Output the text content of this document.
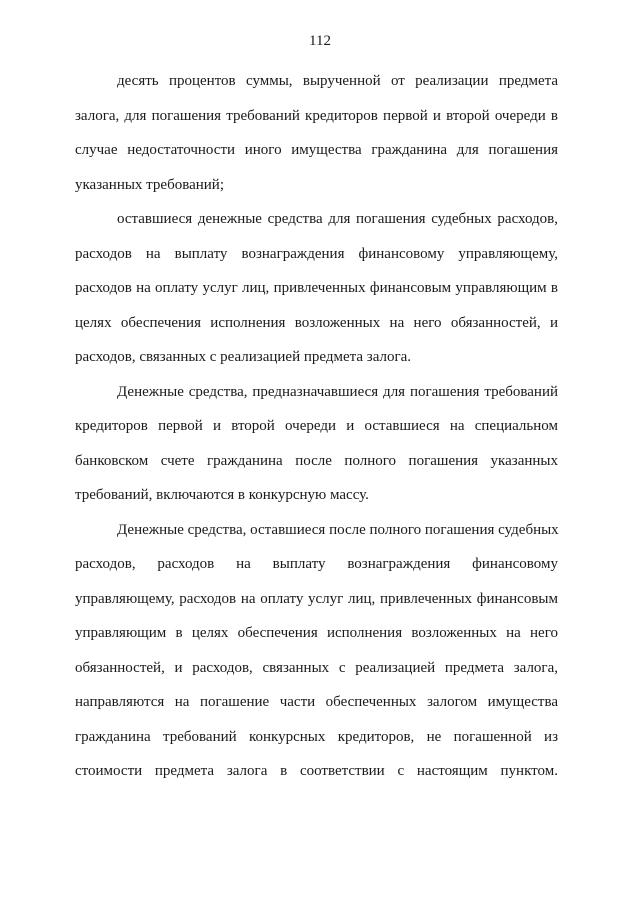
112
десять процентов суммы, вырученной от реализации предмета
залога, для погашения требований кредиторов первой и второй очереди в
случае недостаточности иного имущества гражданина для погашения
указанных требований;
оставшиеся денежные средства для погашения судебных расходов,
расходов на выплату вознаграждения финансовому управляющему,
расходов на оплату услуг лиц, привлеченных финансовым управляющим в
целях обеспечения исполнения возложенных на него обязанностей, и
расходов, связанных с реализацией предмета залога.
Денежные средства, предназначавшиеся для погашения требований
кредиторов первой и второй очереди и оставшиеся на специальном
банковском счете гражданина после полного погашения указанных
требований, включаются в конкурсную массу.
Денежные средства, оставшиеся после полного погашения судебных
расходов, расходов на выплату вознаграждения финансовому
управляющему, расходов на оплату услуг лиц, привлеченных финансовым
управляющим в целях обеспечения исполнения возложенных на него
обязанностей, и расходов, связанных с реализацией предмета залога,
направляются на погашение части обеспеченных залогом имущества
гражданина требований конкурсных кредиторов, не погашенной из
стоимости предмета залога в соответствии с настоящим пунктом.
